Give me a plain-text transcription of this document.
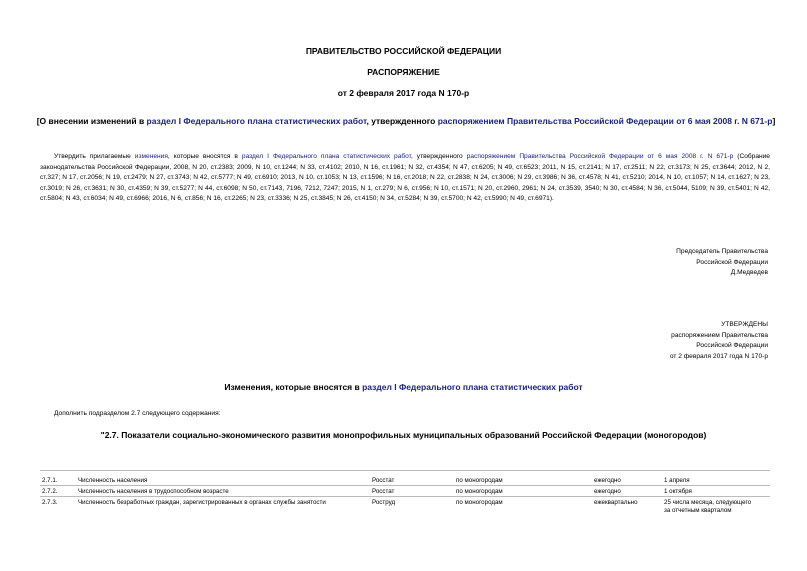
ПРАВИТЕЛЬСТВО РОССИЙСКОЙ ФЕДЕРАЦИИ
РАСПОРЯЖЕНИЕ
от 2 февраля 2017 года N 170-р
[О внесении изменений в раздел I Федерального плана статистических работ, утвержденного распоряжением Правительства Российской Федерации от 6 мая 2008 г. N 671-р]
Утвердить прилагаемые изменения, которые вносятся в раздел I Федерального плана статистических работ, утвержденного распоряжением Правительства Российской Федерации от 6 мая 2008 г. N 671-р (Собрание законодательства Российской Федерации, 2008, N 20, ст.2383; 2009, N 10, ст.1244; N 33, ст.4102; 2010, N 16, ст.1961; N 32, ст.4354; N 47, ст.6205; N 49, ст.6523; 2011, N 15, ст.2141; N 17, ст.2511; N 22, ст.3173; N 25, ст.3644; 2012, N 2, ст.327; N 17, ст.2056; N 19, ст.2479; N 27, ст.3743; N 42, ст.5777; N 49, ст.6910; 2013, N 10, ст.1053; N 13, ст.1596; N 16, ст.2018; N 22, ст.2838; N 24, ст.3006; N 29, ст.3986; N 36, ст.4578; N 41, ст.5210; 2014, N 10, ст.1057; N 14, ст.1627; N 23, ст.3019; N 26, ст.3631; N 30, ст.4359; N 39, ст.5277; N 44, ст.6098; N 50, ст.7143, 7196, 7212, 7247; 2015, N 1, ст.279; N 6, ст.956; N 10, ст.1571; N 20, ст.2960, 2961; N 24, ст.3539, 3540; N 30, ст.4584; N 36, ст.5044, 5109; N 39, ст.5401; N 42, ст.5804; N 43, ст.6034; N 49, ст.6966; 2016, N 6, ст.856; N 16, ст.2265; N 23, ст.3336; N 25, ст.3845; N 26, ст.4150; N 34, ст.5284; N 39, ст.5700; N 42, ст.5990; N 49, ст.6971).
Председатель Правительства
Российской Федерации
Д.Медведев
УТВЕРЖДЕНЫ
распоряжением Правительства
Российской Федерации
от 2 февраля 2017 года N 170-р
Изменения, которые вносятся в раздел I Федерального плана статистических работ
Дополнить подразделом 2.7 следующего содержания:
"2.7. Показатели социально-экономического развития монопрофильных муниципальных образований Российской Федерации (моногородов)
2.7.1.	Численность населения	Росстат	по моногородам	ежегодно	1 апреля
2.7.2.	Численность населения в трудоспособном возрасте	Росстат	по моногородам	ежегодно	1 октября
2.7.3.	Численность безработных граждан, зарегистрированных в органах службы занятости	Роструд	по моногородам	ежеквартально	25 числа месяца, следующего
за отчетным кварталом
